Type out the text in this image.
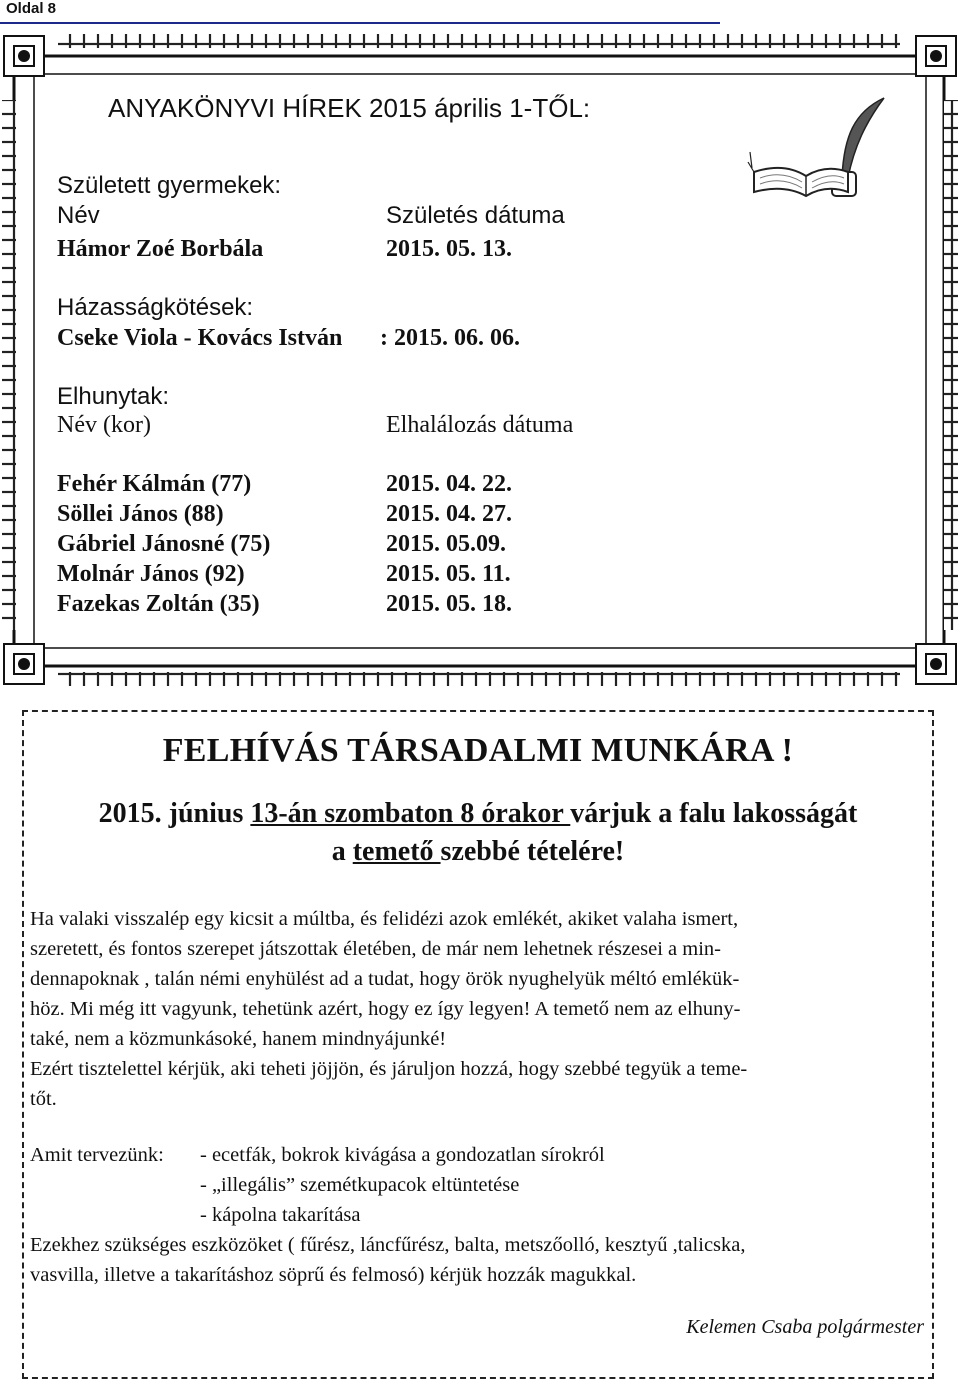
Oldal 8
ANYAKÖNYVI HÍREK 2015 április 1-TŐL:
Született gyermekek:
Név	Születés dátuma
Hámor Zoé Borbála	2015. 05. 13.
Házasságkötések:
Cseke Viola - Kovács István : 2015. 06. 06.
Elhunytak:
Név (kor)	Elhalálozás dátuma
Fehér Kálmán (77)	2015. 04. 22.
Söllei János (88)	2015. 04. 27.
Gábriel Jánosné (75)	2015. 05.09.
Molnár János (92)	2015. 05. 11.
Fazekas Zoltán (35)	2015. 05. 18.
FELHÍVÁS TÁRSADALMI MUNKÁRA !
2015. június 13-án szombaton 8 órakor várjuk a falu lakosságát
a temető szebbé tételére!
Ha valaki visszalép egy kicsit a múltba, és felidézi azok emlékét, akiket valaha ismert,
szeretett, és fontos szerepet játszottak életében, de már nem lehetnek részesei a min-
dennapoknak , talán némi enyhülést ad a tudat, hogy örök nyughelyük méltó emlékük-
höz. Mi még itt vagyunk, tehetünk azért, hogy ez így legyen! A temető nem az elhuny-
také, nem a közmunkásoké, hanem mindnyájunké!
Ezért tisztelettel kérjük, aki teheti jöjjön, és járuljon hozzá, hogy szebbé tegyük a teme-
tőt.
Amit tervezünk: - ecetfák, bokrok kivágása a gondozatlan sírokról
- „illegális” szemétkupacok eltüntetése
- kápolna takarítása
Ezekhez szükséges eszközöket ( fűrész, láncfűrész, balta, metszőolló, kesztyű ,talicska,
vasvilla, illetve a takarításhoz söprű és felmosó) kérjük hozzák magukkal.
Kelemen Csaba polgármester
